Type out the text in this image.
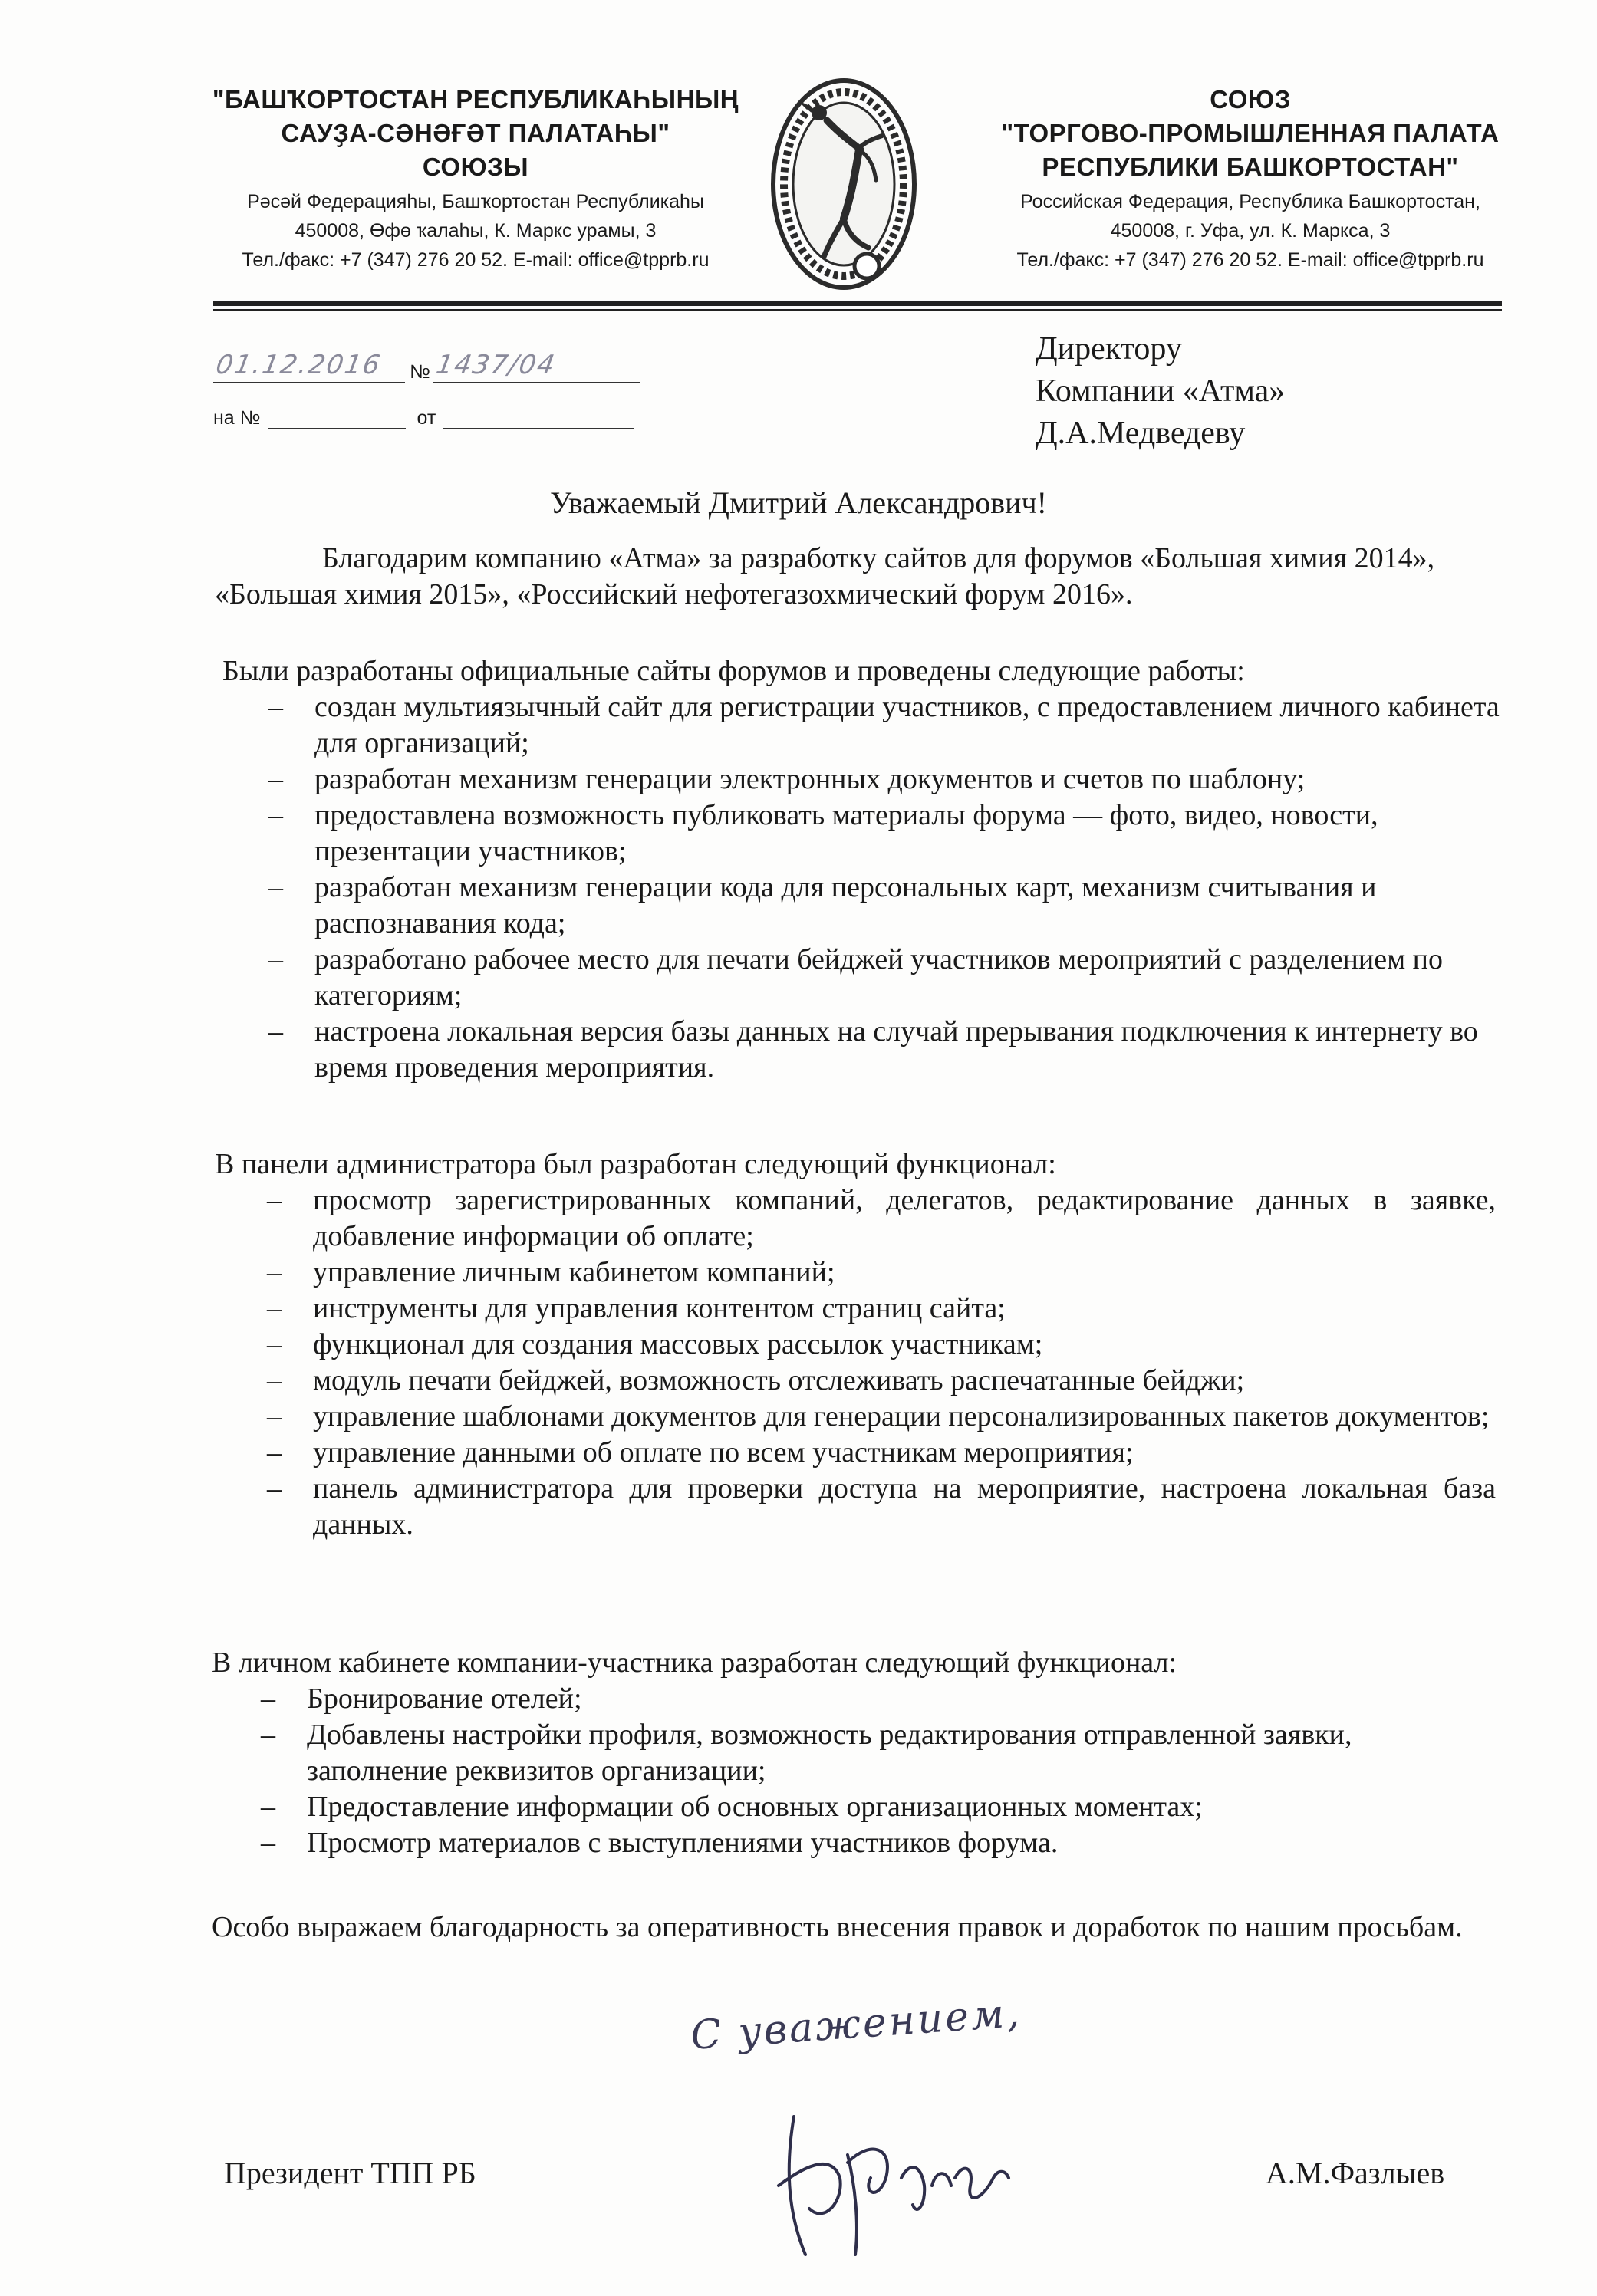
"БАШҠОРТОСТАН РЕСПУБЛИКАҺЫНЫҢ
САУҘА-СӘНӘҒӘТ ПАЛАТАҺЫ"
СОЮЗЫ
Рәсәй Федерацияһы, Башҡортостан Республикаһы
450008, Өфө ҡалаһы, К. Маркс урамы, 3
Тел./факс: +7 (347) 276 20 52. E-mail: office@tpprb.ru
СОЮЗ
"ТОРГОВО-ПРОМЫШЛЕННАЯ ПАЛАТА
РЕСПУБЛИКИ БАШКОРТОСТАН"
Российская Федерация, Республика Башкортостан,
450008, г. Уфа, ул. К. Маркса, 3
Тел./факс: +7 (347) 276 20 52. E-mail: office@tpprb.ru
01.12.2016 № 1437/04
на №	от
Директору
Компании «Атма»
Д.А.Медведеву
Уважаемый Дмитрий Александрович!

Благодарим компанию «Атма» за разработку сайтов для форумов «Большая химия 2014», «Большая химия 2015», «Российский нефотегазохмический форум 2016».

Были разработаны официальные сайты форумов и проведены следующие работы:

– создан мультиязычный сайт для регистрации участников, с предоставлением личного кабинета для организаций;
– разработан механизм генерации электронных документов и счетов по шаблону;
– предоставлена возможность публиковать материалы форума — фото, видео, новости, презентации участников;
– разработан механизм генерации кода для персональных карт, механизм считывания и распознавания кода;
– разработано рабочее место для печати бейджей участников мероприятий с разделением по категориям;
– настроена локальная версия базы данных на случай прерывания подключения к интернету во время проведения мероприятия.

В панели администратора был разработан следующий функционал:

– просмотр зарегистрированных компаний, делегатов, редактирование данных в заявке, добавление информации об оплате;
– управление личным кабинетом компаний;
– инструменты для управления контентом страниц сайта;
– функционал для создания массовых рассылок участникам;
– модуль печати бейджей, возможность отслеживать распечатанные бейджи;
– управление шаблонами документов для генерации персонализированных пакетов документов;
– управление данными об оплате по всем участникам мероприятия;
– панель администратора для проверки доступа на мероприятие, настроена локальная база данных.

В личном кабинете компании-участника разработан следующий функционал:

– Бронирование отелей;
– Добавлены настройки профиля, возможность редактирования отправленной заявки, заполнение реквизитов организации;
– Предоставление информации об основных организационных моментах;
– Просмотр материалов с выступлениями участников форума.

Особо выражаем благодарность за оперативность внесения правок и доработок по нашим просьбам.

С уважением,
Президент ТПП РБ	А.М.Фазлыев
